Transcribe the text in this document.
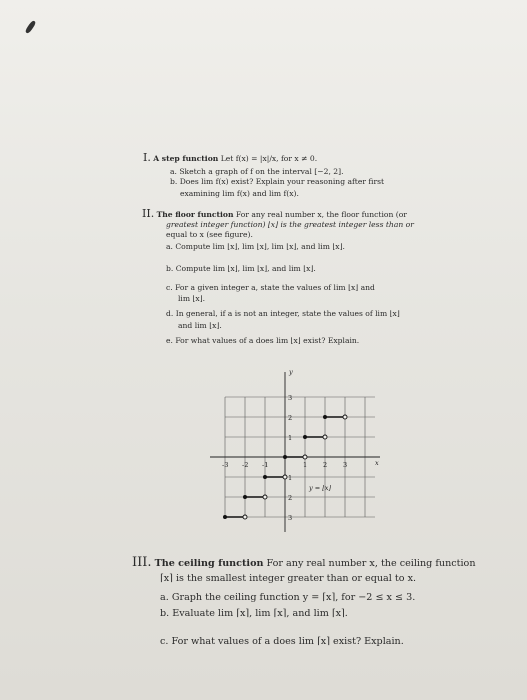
I. A step function Let f(x) = |x|/x, for x ≠ 0.
a. Sketch a graph of f on the interval [−2, 2].
b. Does lim f(x) exist? Explain your reasoning after first
examining lim f(x) and lim f(x).
II. The floor function For any real number x, the floor function (or
greatest integer function) ⌊x⌋ is the greatest integer less than or
equal to x (see figure).
a. Compute lim ⌊x⌋, lim ⌊x⌋, lim ⌊x⌋, and lim ⌊x⌋.
b. Compute lim ⌊x⌋, lim ⌊x⌋, and lim ⌊x⌋.
c. For a given integer a, state the values of lim ⌊x⌋ and
lim ⌊x⌋.
d. In general, if a is not an integer, state the values of lim ⌊x⌋
and lim ⌊x⌋.
e. For what values of a does lim ⌊x⌋ exist? Explain.
y
x
y = ⌊x⌋
-3 -2 -1	1 2 3
3
2
1
1
2
3
III. The ceiling function For any real number x, the ceiling function
⌈x⌉ is the smallest integer greater than or equal to x.
a. Graph the ceiling function y = ⌈x⌉, for −2 ≤ x ≤ 3.
b. Evaluate lim ⌈x⌉, lim ⌈x⌉, and lim ⌈x⌉.
c. For what values of a does lim ⌈x⌉ exist? Explain.
